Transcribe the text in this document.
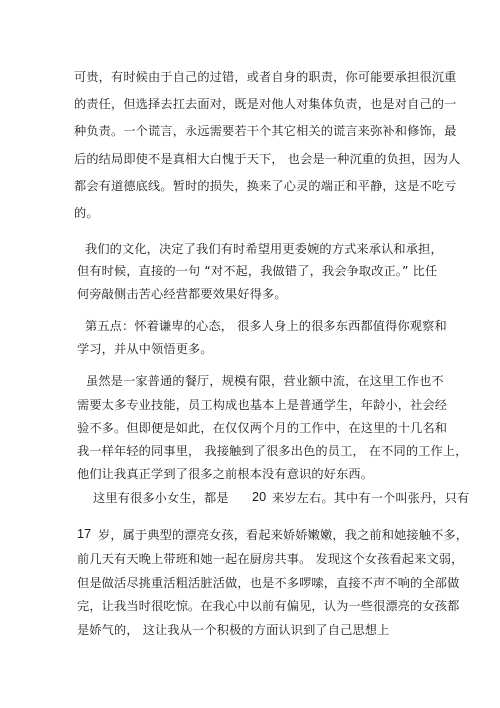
可贵，有时候由于自己的过错，或者自身的职责，你可能要承担很沉重
的责任，但选择去扛去面对，既是对他人对集体负责，也是对自己的一
种负责。一个谎言，永远需要若干个其它相关的谎言来弥补和修饰，最
后的结局即使不是真相大白愧于天下， 也会是一种沉重的负担，因为人
都会有道德底线。暂时的损失，换来了心灵的端正和平静，这是不吃亏
的。
我们的文化，决定了我们有时希望用更委婉的方式来承认和承担，
但有时候，直接的一句 “对不起，我做错了，我会争取改正。” 比任
何旁敲侧击苦心经营都要效果好得多。
第五点：怀着谦卑的心态， 很多人身上的很多东西都值得你观察和
学习，并从中领悟更多。
虽然是一家普通的餐厅，规模有限，营业额中流，在这里工作也不
需要太多专业技能，员工构成也基本上是普通学生，年龄小，社会经
验不多。但即便是如此，在仅仅两个月的工作中，在这里的十几名和
我一样年轻的同事里， 我接触到了很多出色的员工， 在不同的工作上，
他们让我真正学到了很多之前根本没有意识的好东西。
这里有很多小女生，都是 20 来岁左右。其中有一个叫张丹，只有
17 岁，属于典型的漂亮女孩，看起来娇娇嫩嫩，我之前和她接触不多，
前几天有天晚上带班和她一起在厨房共事。 发现这个女孩看起来文弱，
但是做活尽挑重活粗活脏活做，也是不多啰嗦，直接不声不响的全部做
完，让我当时很吃惊。在我心中以前有偏见，认为一些很漂亮的女孩都
是娇气的， 这让我从一个积极的方面认识到了自己思想上
